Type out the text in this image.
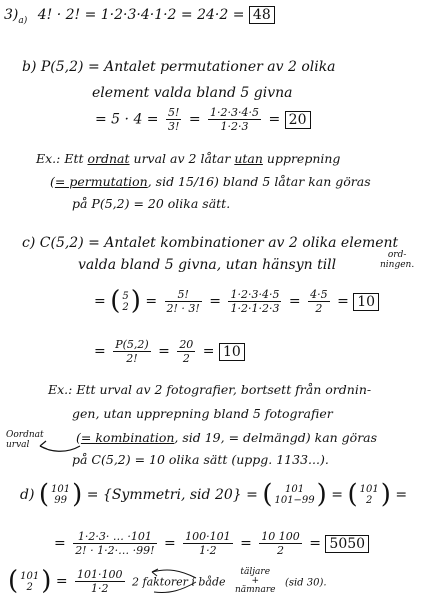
$3)_{a)}$ 4! · 2! = 1·2·3·4·1·2 = 24·2 = 48
b) P(5,2) = Antalet permutationer av 2 olika
element valda bland 5 givna
= $5 \cdot 4 = \frac{5!}{3!} = \frac{1\cdot 2\cdot 3\cdot 4\cdot 5}{1\cdot 2\cdot 3} = 20$
Ex.: Ett ordnat urval av 2 låtar utan upprepning
(= permutation, sid 15/16) bland 5 låtar kan göras
på P(5,2) = 20 olika sätt.
c) C(5,2) = Antalet kombinationer av 2 olika element
valda bland 5 givna, utan hänsyn till
ord-
ningen.
= ( 5
2 ) = $\frac{5!}{2! \cdot 3!} = \frac{1\cdot 2\cdot 3\cdot 4\cdot 5}{1\cdot 2\cdot 1\cdot 2\cdot 3} = \frac{4\cdot 5}{2} = 10$
= $\frac{P(5,2)}{2!} = \frac{20}{2} = 10$
Ex.: Ett urval av 2 fotografier, bortsett från ordnin-
gen, utan upprepning bland 5 fotografier
Oordnat
urval	(= kombination, sid 19, = delmängd) kan göras
på C(5,2) = 10 olika sätt (uppg. 1133...).
d) ( 101
99 ) = {Symmetri, sid 20} = (	101
101−99 ) = ( 101
2 ) =
= $\frac{1\cdot 2\cdot 3\cdot \dots \cdot 101}{2! \cdot 1\cdot 2\cdot\dots \cdot 99!} = \frac{100\cdot 101}{1\cdot 2} = \frac{10 100}{2} = 5050$
( 101
2 ) = $\frac{101\cdot 100}{1\cdot 2} 2$ faktorer i både
täljare
+
nämnare
(sid 30).
